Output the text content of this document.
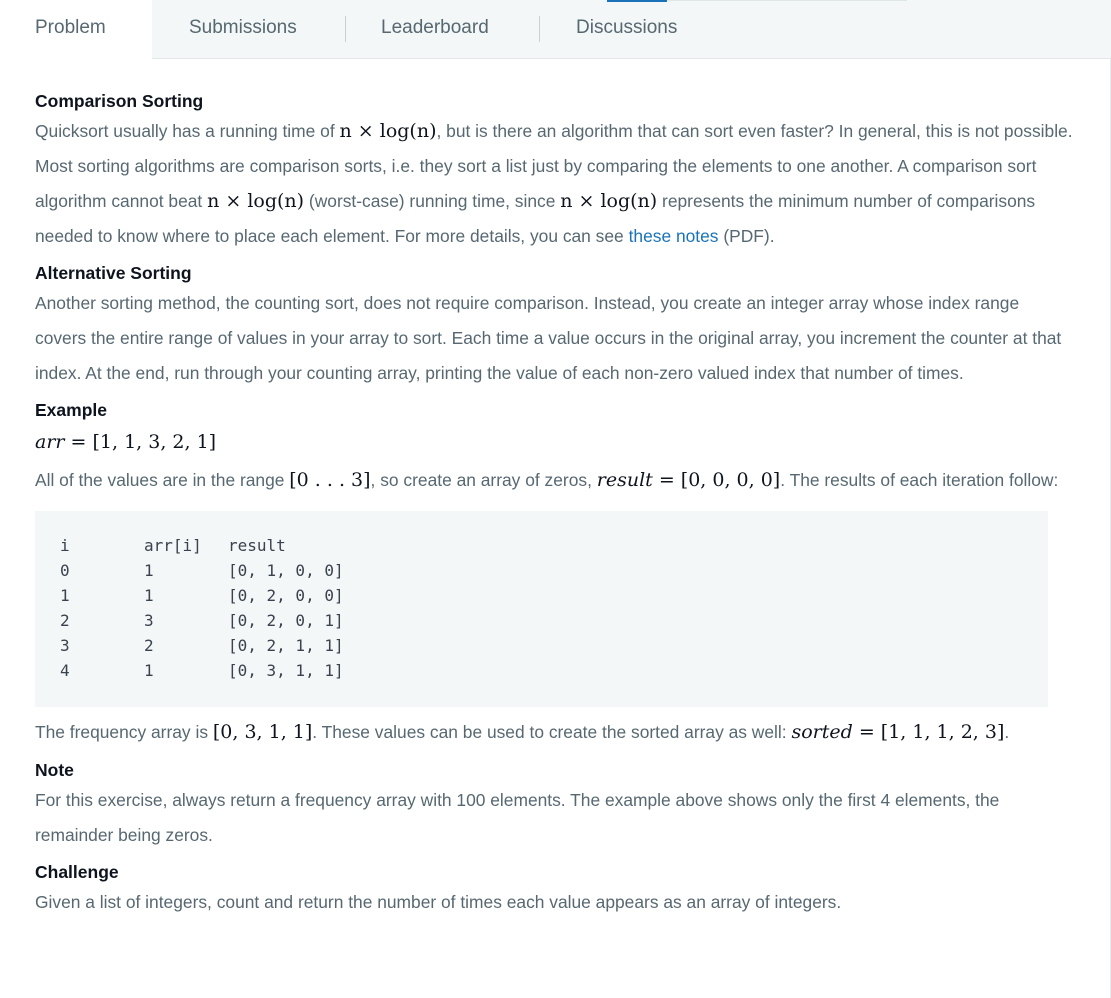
Problem	Submissions	Leaderboard	Discussions
Comparison Sorting

Quicksort usually has a running time of n × log(n), but is there an algorithm that can sort even faster? In general, this is not possible. Most sorting algorithms are comparison sorts, i.e. they sort a list just by comparing the elements to one another. A comparison sort algorithm cannot beat n × log(n) (worst-case) running time, since n × log(n) represents the minimum number of comparisons needed to know where to place each element. For more details, you can see these notes (PDF).

Alternative Sorting

Another sorting method, the counting sort, does not require comparison. Instead, you create an integer array whose index range covers the entire range of values in your array to sort. Each time a value occurs in the original array, you increment the counter at that index. At the end, run through your counting array, printing the value of each non-zero valued index that number of times.

Example

arr = [1, 1, 3, 2, 1]

All of the values are in the range [0 . . . 3], so create an array of zeros, result = [0, 0, 0, 0]. The results of each iteration follow:

i	arr[i]	result
0	1	[0, 1, 0, 0]
1	1	[0, 2, 0, 0]
2	3	[0, 2, 0, 1]
3	2	[0, 2, 1, 1]
4	1	[0, 3, 1, 1]

The frequency array is [0, 3, 1, 1]. These values can be used to create the sorted array as well: sorted = [1, 1, 1, 2, 3].

Note

For this exercise, always return a frequency array with 100 elements. The example above shows only the first 4 elements, the remainder being zeros.

Challenge

Given a list of integers, count and return the number of times each value appears as an array of integers.
